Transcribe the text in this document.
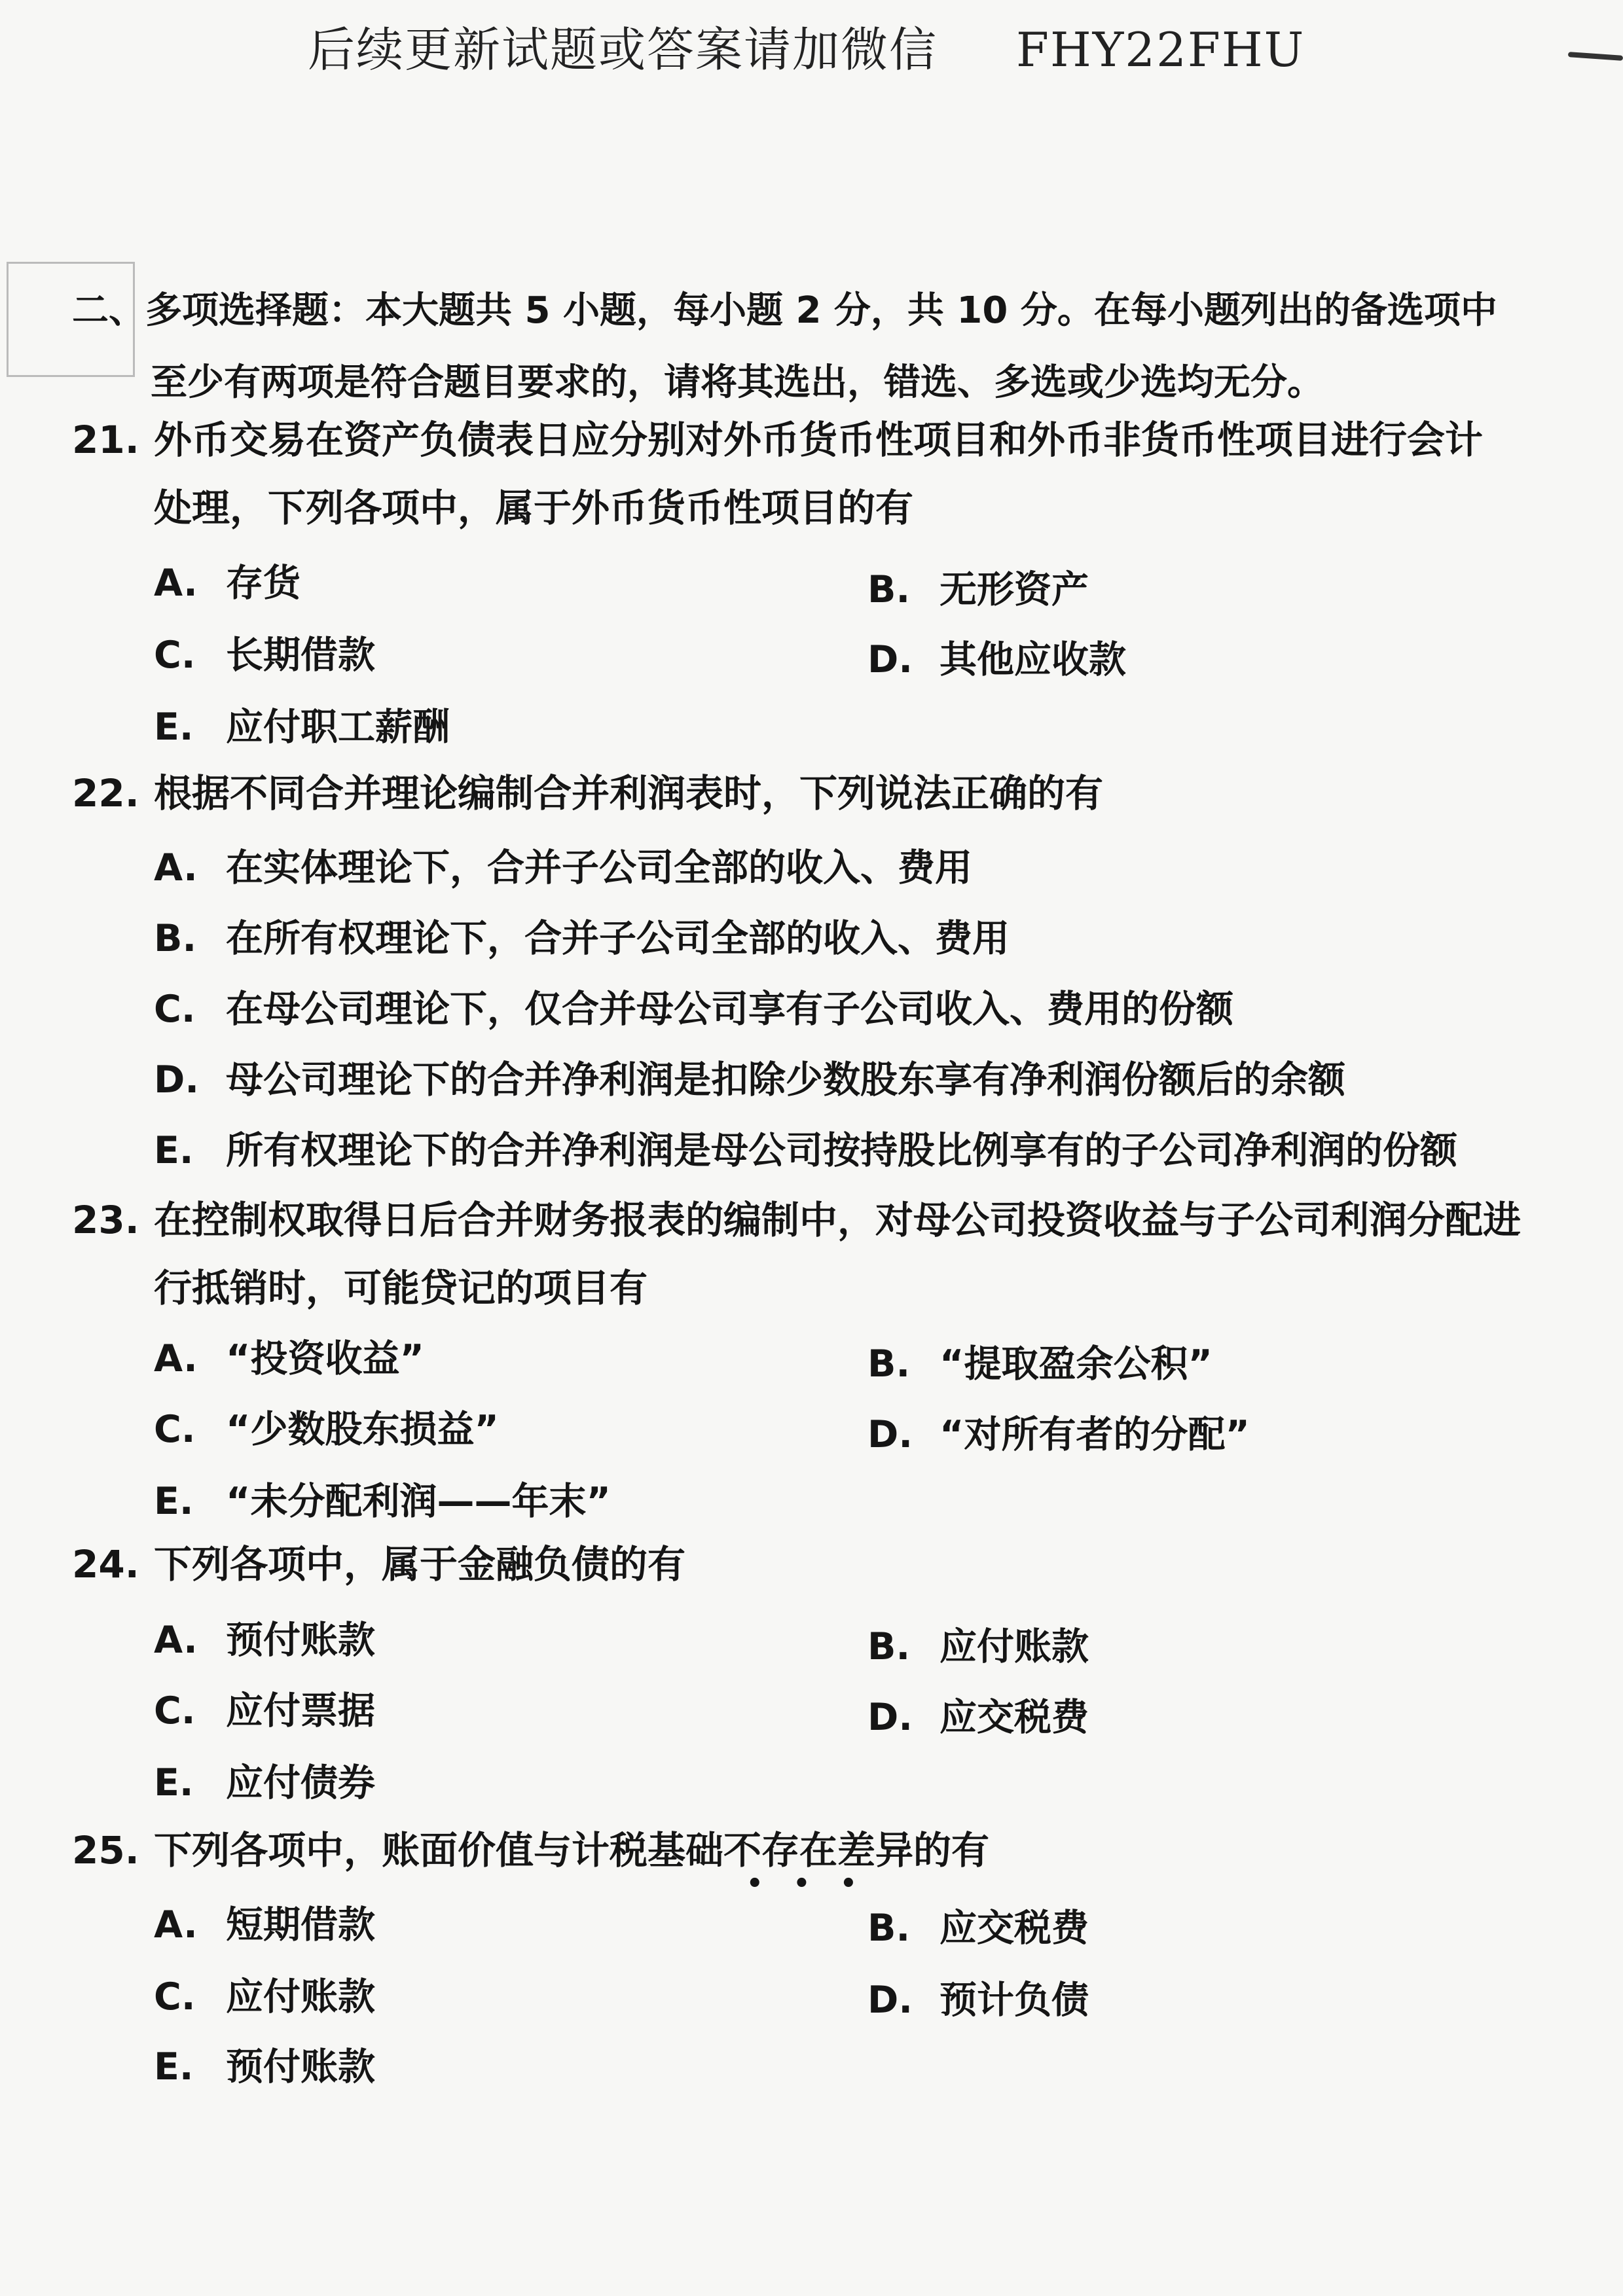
后续更新试题或答案请加微信 FHY22FHU
二、多项选择题：本大题共 5 小题，每小题 2 分，共 10 分。在每小题列出的备选项中
至少有两项是符合题目要求的，请将其选出，错选、多选或少选均无分。
21. 外币交易在资产负债表日应分别对外币货币性项目和外币非货币性项目进行会计
处理，下列各项中，属于外币货币性项目的有
A. 存货	B. 无形资产
C. 长期借款	D. 其他应收款
E. 应付职工薪酬
22. 根据不同合并理论编制合并利润表时，下列说法正确的有
A. 在实体理论下，合并子公司全部的收入、费用
B. 在所有权理论下，合并子公司全部的收入、费用
C. 在母公司理论下，仅合并母公司享有子公司收入、费用的份额
D. 母公司理论下的合并净利润是扣除少数股东享有净利润份额后的余额
E. 所有权理论下的合并净利润是母公司按持股比例享有的子公司净利润的份额
23. 在控制权取得日后合并财务报表的编制中，对母公司投资收益与子公司利润分配进
行抵销时，可能贷记的项目有
A. “投资收益”	B. “提取盈余公积”
C. “少数股东损益”	D. “对所有者的分配”
E. “未分配利润——年末”
24. 下列各项中，属于金融负债的有
A. 预付账款	B. 应付账款
C. 应付票据	D. 应交税费
E. 应付债券
25. 下列各项中，账面价值与计税基础不存在差异的有
•••
A. 短期借款	B. 应交税费
C. 应付账款	D. 预计负债
E. 预付账款
